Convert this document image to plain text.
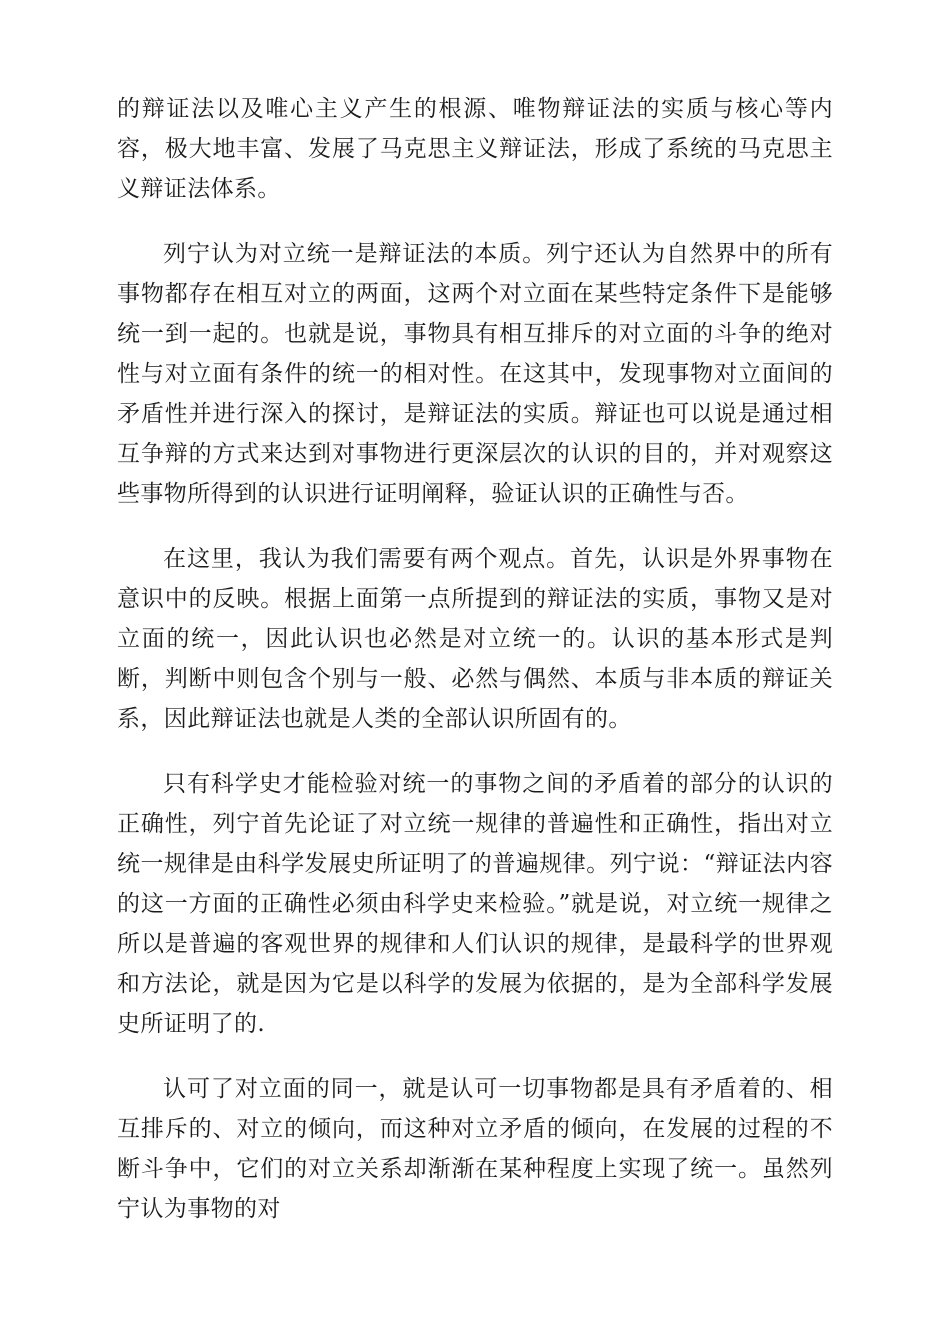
的辩证法以及唯心主义产生的根源、唯物辩证法的实质与核心等内容，极大地丰富、发展了马克思主义辩证法，形成了系统的马克思主义辩证法体系。

列宁认为对立统一是辩证法的本质。列宁还认为自然界中的所有事物都存在相互对立的两面，这两个对立面在某些特定条件下是能够统一到一起的。也就是说，事物具有相互排斥的对立面的斗争的绝对性与对立面有条件的统一的相对性。在这其中，发现事物对立面间的矛盾性并进行深入的探讨，是辩证法的实质。辩证也可以说是通过相互争辩的方式来达到对事物进行更深层次的认识的目的，并对观察这些事物所得到的认识进行证明阐释，验证认识的正确性与否。

在这里，我认为我们需要有两个观点。首先，认识是外界事物在意识中的反映。根据上面第一点所提到的辩证法的实质，事物又是对立面的统一，因此认识也必然是对立统一的。认识的基本形式是判断，判断中则包含个别与一般、必然与偶然、本质与非本质的辩证关系，因此辩证法也就是人类的全部认识所固有的。

只有科学史才能检验对统一的事物之间的矛盾着的部分的认识的正确性，列宁首先论证了对立统一规律的普遍性和正确性，指出对立统一规律是由科学发展史所证明了的普遍规律。列宁说：“辩证法内容的这一方面的正确性必须由科学史来检验。”就是说，对立统一规律之所以是普遍的客观世界的规律和人们认识的规律，是最科学的世界观和方法论，就是因为它是以科学的发展为依据的，是为全部科学发展史所证明了的.

认可了对立面的同一，就是认可一切事物都是具有矛盾着的、相互排斥的、对立的倾向，而这种对立矛盾的倾向，在发展的过程的不断斗争中，它们的对立关系却渐渐在某种程度上实现了统一。虽然列宁认为事物的对
